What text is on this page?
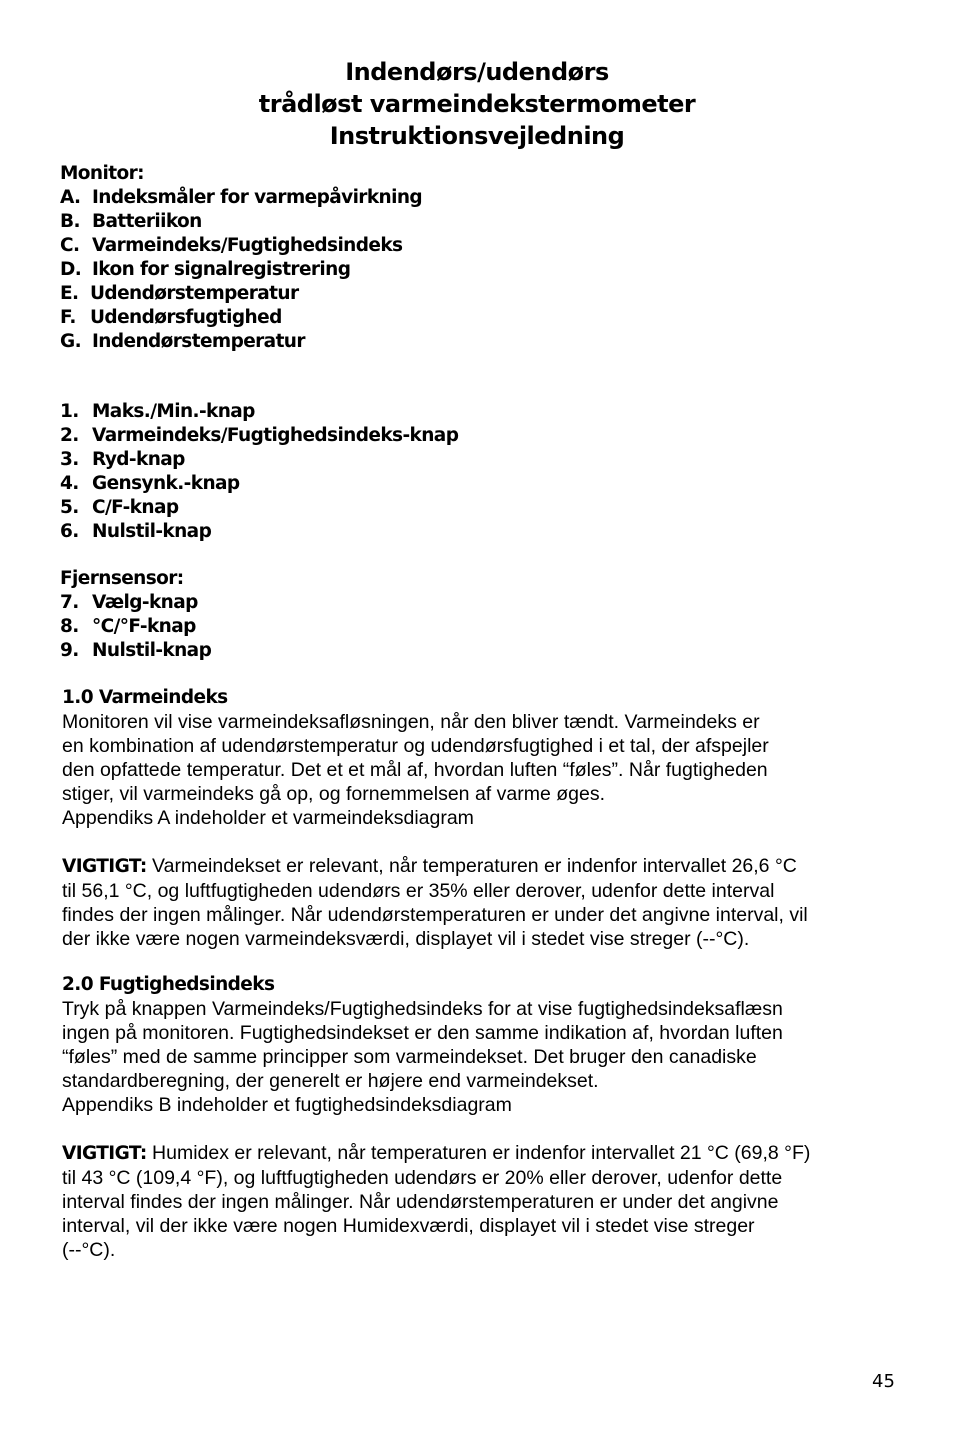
Indendørs/udendørs
trådløst varmeindekstermometer
Instruktionsvejledning
Monitor:
A. Indeksmåler for varmepåvirkning
B. Batteriikon
C. Varmeindeks/Fugtighedsindeks
D. Ikon for signalregistrering
E. Udendørstemperatur
F. Udendørsfugtighed
G. Indendørstemperatur
1. Maks./Min.-knap
2. Varmeindeks/Fugtighedsindeks-knap
3. Ryd-knap
4. Gensynk.-knap
5. C/F-knap
6. Nulstil-knap
Fjernsensor:
7. Vælg-knap
8. °C/°F-knap
9. Nulstil-knap
1.0 Varmeindeks
Monitoren vil vise varmeindeksafløsningen, når den bliver tændt. Varmeindeks er
en kombination af udendørstemperatur og udendørsfugtighed i et tal, der afspejler
den opfattede temperatur. Det et et mål af, hvordan luften “føles”. Når fugtigheden
stiger, vil varmeindeks gå op, og fornemmelsen af varme øges.
Appendiks A indeholder et varmeindeksdiagram
VIGTIGT: Varmeindekset er relevant, når temperaturen er indenfor intervallet 26,6 °C
til 56,1 °C, og luftfugtigheden udendørs er 35% eller derover, udenfor dette interval
findes der ingen målinger. Når udendørstemperaturen er under det angivne interval, vil
der ikke være nogen varmeindeksværdi, displayet vil i stedet vise streger (--°C).
2.0 Fugtighedsindeks
Tryk på knappen Varmeindeks/Fugtighedsindeks for at vise fugtighedsindeksaflæsn
ingen på monitoren. Fugtighedsindekset er den samme indikation af, hvordan luften
“føles” med de samme principper som varmeindekset. Det bruger den canadiske
standardberegning, der generelt er højere end varmeindekset.
Appendiks B indeholder et fugtighedsindeksdiagram
VIGTIGT: Humidex er relevant, når temperaturen er indenfor intervallet 21 °C (69,8 °F)
til 43 °C (109,4 °F), og luftfugtigheden udendørs er 20% eller derover, udenfor dette
interval findes der ingen målinger. Når udendørstemperaturen er under det angivne
interval, vil der ikke være nogen Humidexværdi, displayet vil i stedet vise streger
(--°C).
45
